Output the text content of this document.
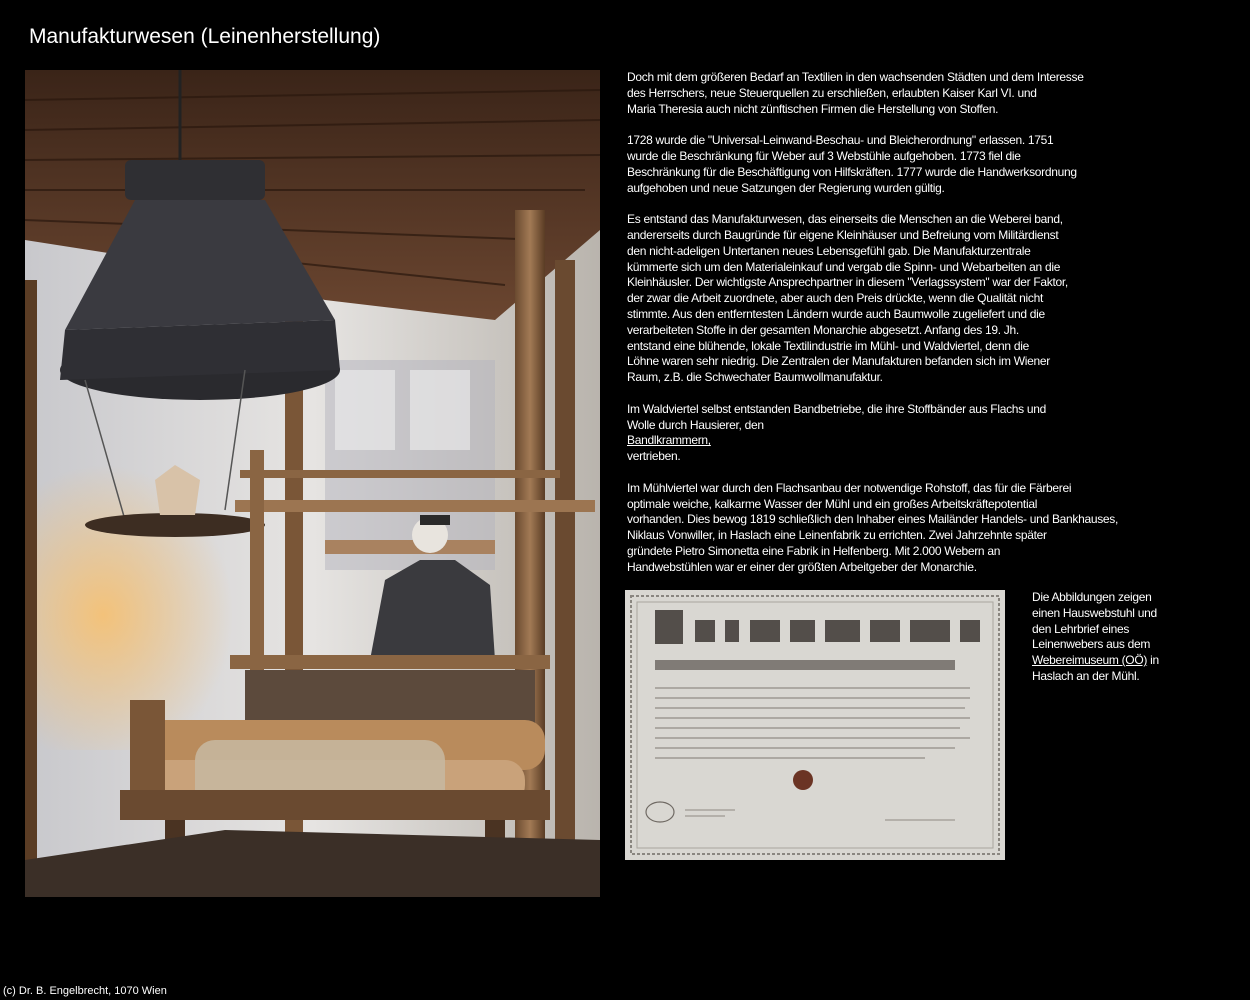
Manufakturwesen (Leinenherstellung)

Doch mit dem größeren Bedarf an Textilien in den wachsenden Städten und dem Interesse
des Herrschers, neue Steuerquellen zu erschließen, erlaubten Kaiser Karl VI. und
Maria Theresia auch nicht zünftischen Firmen die Herstellung von Stoffen.

1728 wurde die "Universal-Leinwand-Beschau- und Bleicherordnung" erlassen. 1751
wurde die Beschränkung für Weber auf 3 Webstühle aufgehoben. 1773 fiel die
Beschränkung für die Beschäftigung von Hilfskräften. 1777 wurde die Handwerksordnung
aufgehoben und neue Satzungen der Regierung wurden gültig.

Es entstand das Manufakturwesen, das einerseits die Menschen an die Weberei band,
andererseits durch Baugründe für eigene Kleinhäuser und Befreiung vom Militärdienst
den nicht-adeligen Untertanen neues Lebensgefühl gab. Die Manufakturzentrale
kümmerte sich um den Materialeinkauf und vergab die Spinn- und Webarbeiten an die
Kleinhäusler. Der wichtigste Ansprechpartner in diesem "Verlagssystem" war der Faktor,
der zwar die Arbeit zuordnete, aber auch den Preis drückte, wenn die Qualität nicht
stimmte. Aus den entferntesten Ländern wurde auch Baumwolle zugeliefert und die
verarbeiteten Stoffe in der gesamten Monarchie abgesetzt. Anfang des 19. Jh.
entstand eine blühende, lokale Textilindustrie im Mühl- und Waldviertel, denn die
Löhne waren sehr niedrig. Die Zentralen der Manufakturen befanden sich im Wiener
Raum, z.B. die Schwechater Baumwollmanufaktur.

Im Waldviertel selbst entstanden Bandbetriebe, die ihre Stoffbänder aus Flachs und
Wolle durch Hausierer, den
Bandlkrammern,
vertrieben.

Im Mühlviertel war durch den Flachsanbau der notwendige Rohstoff, das für die Färberei
optimale weiche, kalkarme Wasser der Mühl und ein großes Arbeitskräftepotential
vorhanden. Dies bewog 1819 schließlich den Inhaber eines Mailänder Handels- und Bankhauses,
Niklaus Vonwiller, in Haslach eine Leinenfabrik zu errichten. Zwei Jahrzehnte später
gründete Pietro Simonetta eine Fabrik in Helfenberg. Mit 2.000 Webern an
Handwebstühlen war er einer der größten Arbeitgeber der Monarchie.

Die Abbildungen zeigen
einen Hauswebstuhl und
den Lehrbrief eines
Leinenwebers aus dem Webereimuseum (OÖ) in Haslach an der Mühl.
(c) Dr. B. Engelbrecht, 1070 Wien
